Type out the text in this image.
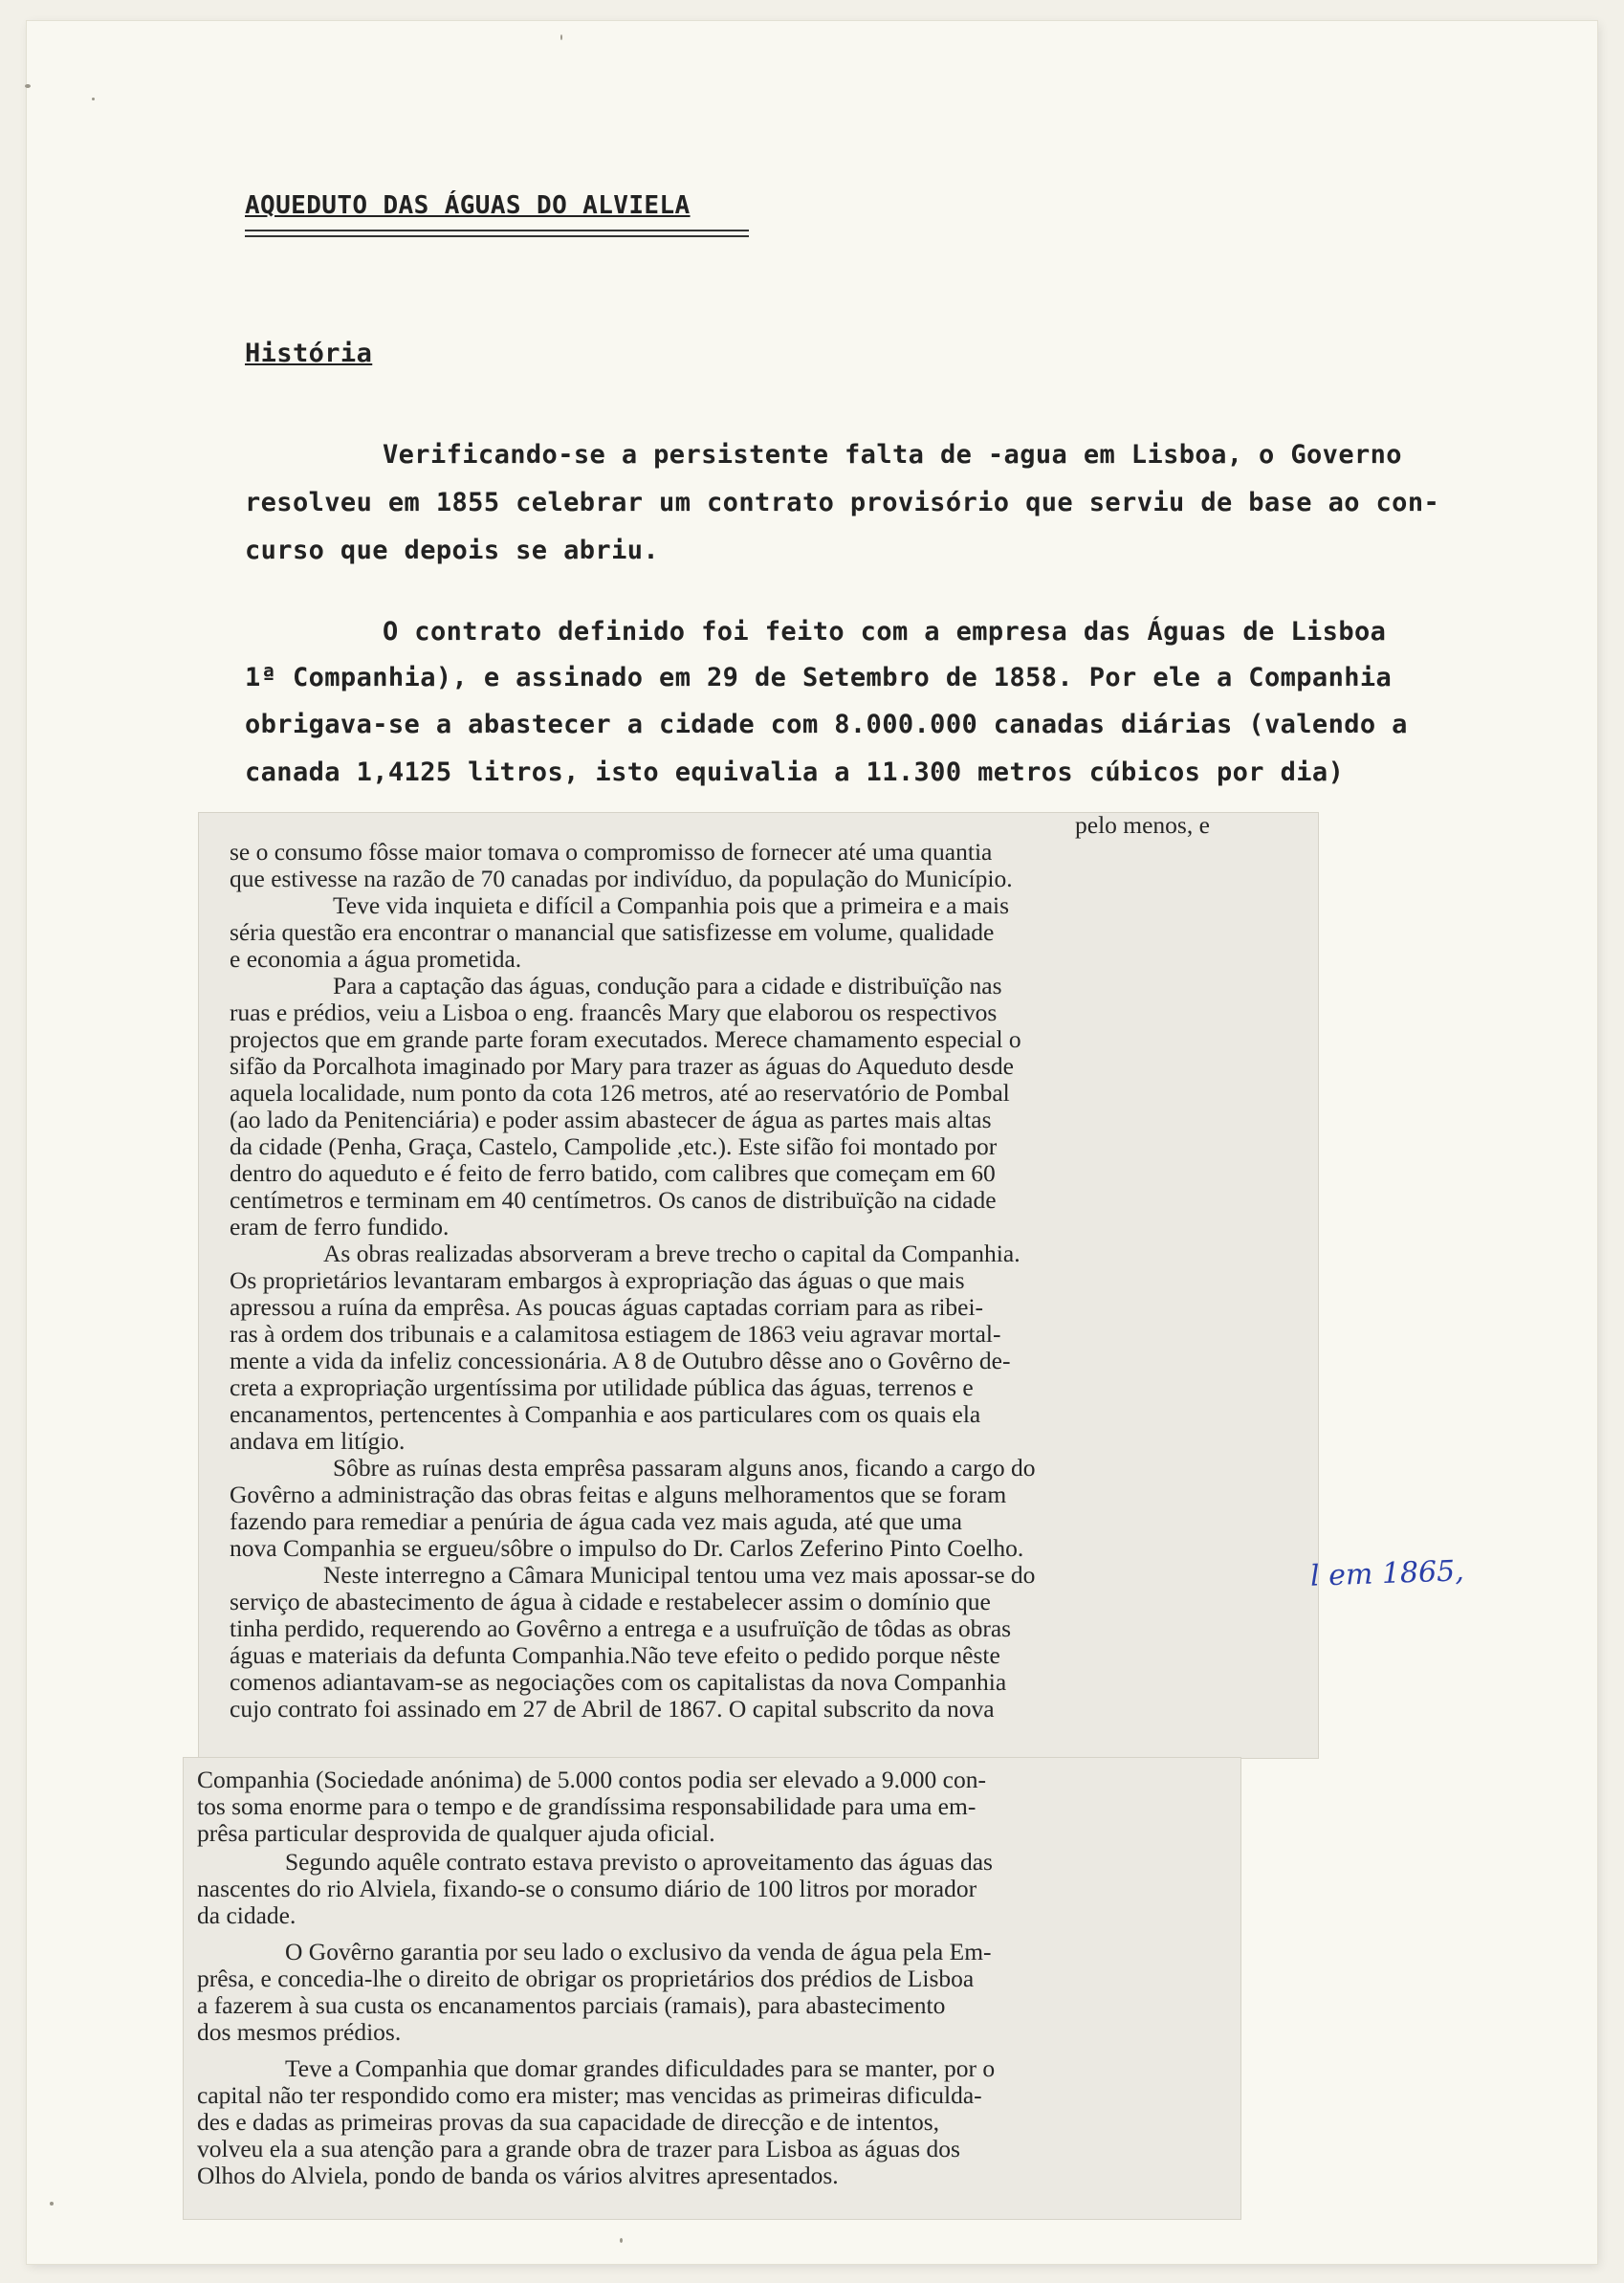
AQUEDUTO DAS ÁGUAS DO ALVIELA
História
Verificando-se a persistente falta de -agua em Lisboa, o Governo
resolveu em 1855 celebrar um contrato provisório que serviu de base ao con-
curso que depois se abriu.
O contrato definido foi feito com a empresa das Águas de Lisboa
1ª Companhia), e assinado em 29 de Setembro de 1858. Por ele a Companhia
obrigava-se a abastecer a cidade com 8.000.000 canadas diárias (valendo a
canada 1,4125 litros, isto equivalia a 11.300 metros cúbicos por dia)
pelo menos, e
se o consumo fôsse maior tomava o compromisso de fornecer até uma quantia
que estivesse na razão de 70 canadas por indivíduo, da população do Município.
Teve vida inquieta e difícil a Companhia pois que a primeira e a mais
séria questão era encontrar o manancial que satisfizesse em volume, qualidade
e economia a água prometida.
Para a captação das águas, condução para a cidade e distribuïção nas
ruas e prédios, veiu a Lisboa o eng. fraancês Mary que elaborou os respectivos
projectos que em grande parte foram executados. Merece chamamento especial o
sifão da Porcalhota imaginado por Mary para trazer as águas do Aqueduto desde
aquela localidade, num ponto da cota 126 metros, até ao reservatório de Pombal
(ao lado da Penitenciária) e poder assim abastecer de água as partes mais altas
da cidade (Penha, Graça, Castelo, Campolide ,etc.). Este sifão foi montado por
dentro do aqueduto e é feito de ferro batido, com calibres que começam em 60
centímetros e terminam em 40 centímetros. Os canos de distribuïção na cidade
eram de ferro fundido.
As obras realizadas absorveram a breve trecho o capital da Companhia.
Os proprietários levantaram embargos à expropriação das águas o que mais
apressou a ruína da emprêsa. As poucas águas captadas corriam para as ribei-
ras à ordem dos tribunais e a calamitosa estiagem de 1863 veiu agravar mortal-
mente a vida da infeliz concessionária. A 8 de Outubro dêsse ano o Govêrno de-
creta a expropriação urgentíssima por utilidade pública das águas, terrenos e
encanamentos, pertencentes à Companhia e aos particulares com os quais ela
andava em litígio.
Sôbre as ruínas desta emprêsa passaram alguns anos, ficando a cargo do
Govêrno a administração das obras feitas e alguns melhoramentos que se foram
fazendo para remediar a penúria de água cada vez mais aguda, até que uma
nova Companhia se ergueu/sôbre o impulso do Dr. Carlos Zeferino Pinto Coelho.
Neste interregno a Câmara Municipal tentou uma vez mais apossar-se do
serviço de abastecimento de água à cidade e restabelecer assim o domínio que
tinha perdido, requerendo ao Govêrno a entrega e a usufruïção de tôdas as obras
águas e materiais da defunta Companhia.Não teve efeito o pedido porque nêste
comenos adiantavam-se as negociações com os capitalistas da nova Companhia
cujo contrato foi assinado em 27 de Abril de 1867. O capital subscrito da nova
Companhia (Sociedade anónima) de 5.000 contos podia ser elevado a 9.000 con-
tos soma enorme para o tempo e de grandíssima responsabilidade para uma em-
prêsa particular desprovida de qualquer ajuda oficial.
Segundo aquêle contrato estava previsto o aproveitamento das águas das
nascentes do rio Alviela, fixando-se o consumo diário de 100 litros por morador
da cidade.
O Govêrno garantia por seu lado o exclusivo da venda de água pela Em-
prêsa, e concedia-lhe o direito de obrigar os proprietários dos prédios de Lisboa
a fazerem à sua custa os encanamentos parciais (ramais), para abastecimento
dos mesmos prédios.
Teve a Companhia que domar grandes dificuldades para se manter, por o
capital não ter respondido como era mister; mas vencidas as primeiras dificulda-
des e dadas as primeiras provas da sua capacidade de direcção e de intentos,
volveu ela a sua atenção para a grande obra de trazer para Lisboa as águas dos
Olhos do Alviela, pondo de banda os vários alvitres apresentados.
l em 1865,
